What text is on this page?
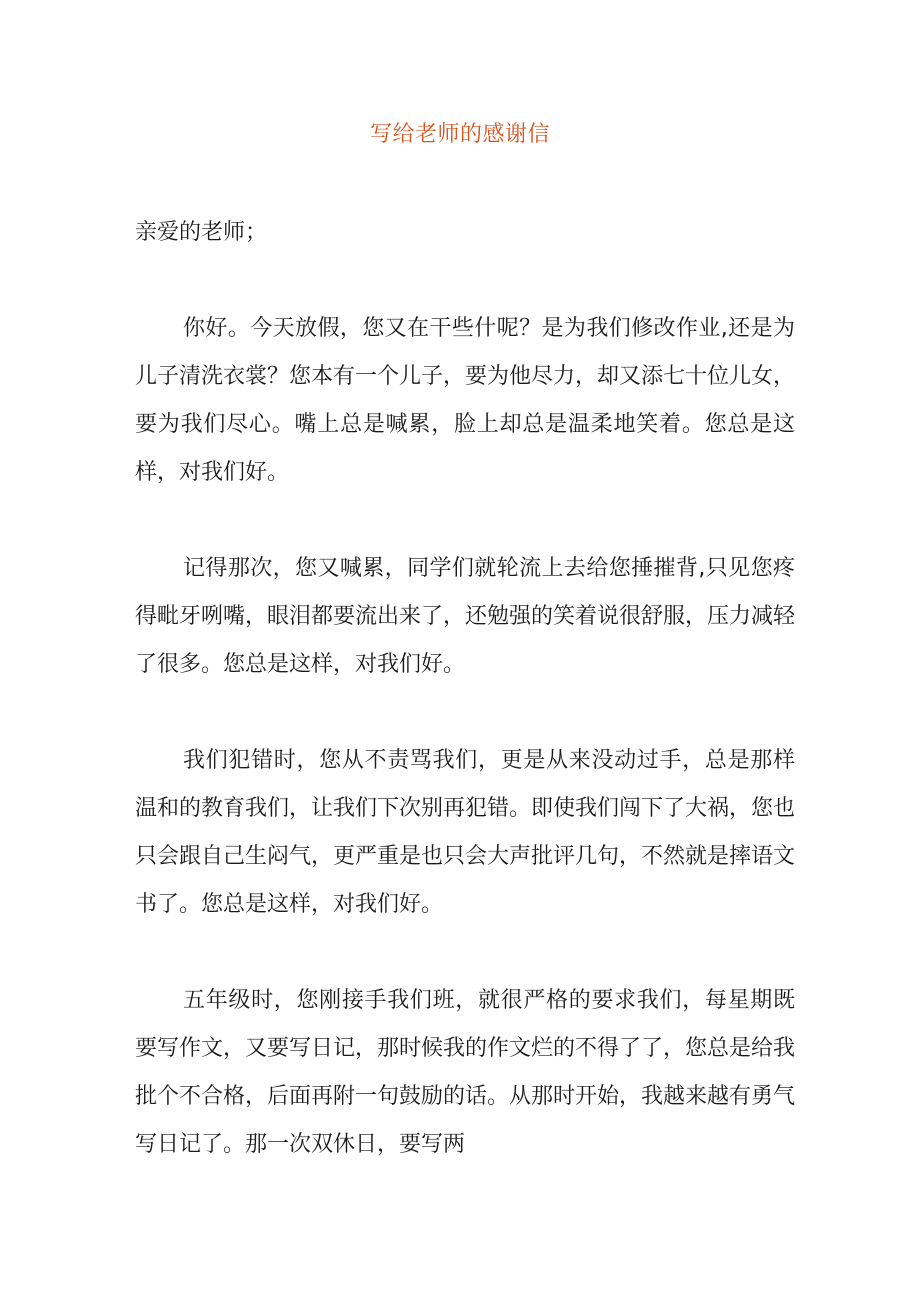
写给老师的感谢信
亲爱的老师；
你好。今天放假，您又在干些什呢？是为我们修改作业,还是为儿子清洗衣裳？您本有一个儿子，要为他尽力，却又添七十位儿女，要为我们尽心。嘴上总是喊累，脸上却总是温柔地笑着。您总是这样，对我们好。
记得那次，您又喊累，同学们就轮流上去给您捶摧背,只见您疼得毗牙咧嘴，眼泪都要流出来了，还勉强的笑着说很舒服，压力减轻了很多。您总是这样，对我们好。
我们犯错时，您从不责骂我们，更是从来没动过手，总是那样温和的教育我们，让我们下次别再犯错。即使我们闯下了大祸，您也只会跟自己生闷气，更严重是也只会大声批评几句，不然就是摔语文书了。您总是这样，对我们好。
五年级时，您刚接手我们班，就很严格的要求我们，每星期既要写作文，又要写日记，那时候我的作文烂的不得了了，您总是给我批个不合格，后面再附一句鼓励的话。从那时开始，我越来越有勇气写日记了。那一次双休日，要写两
